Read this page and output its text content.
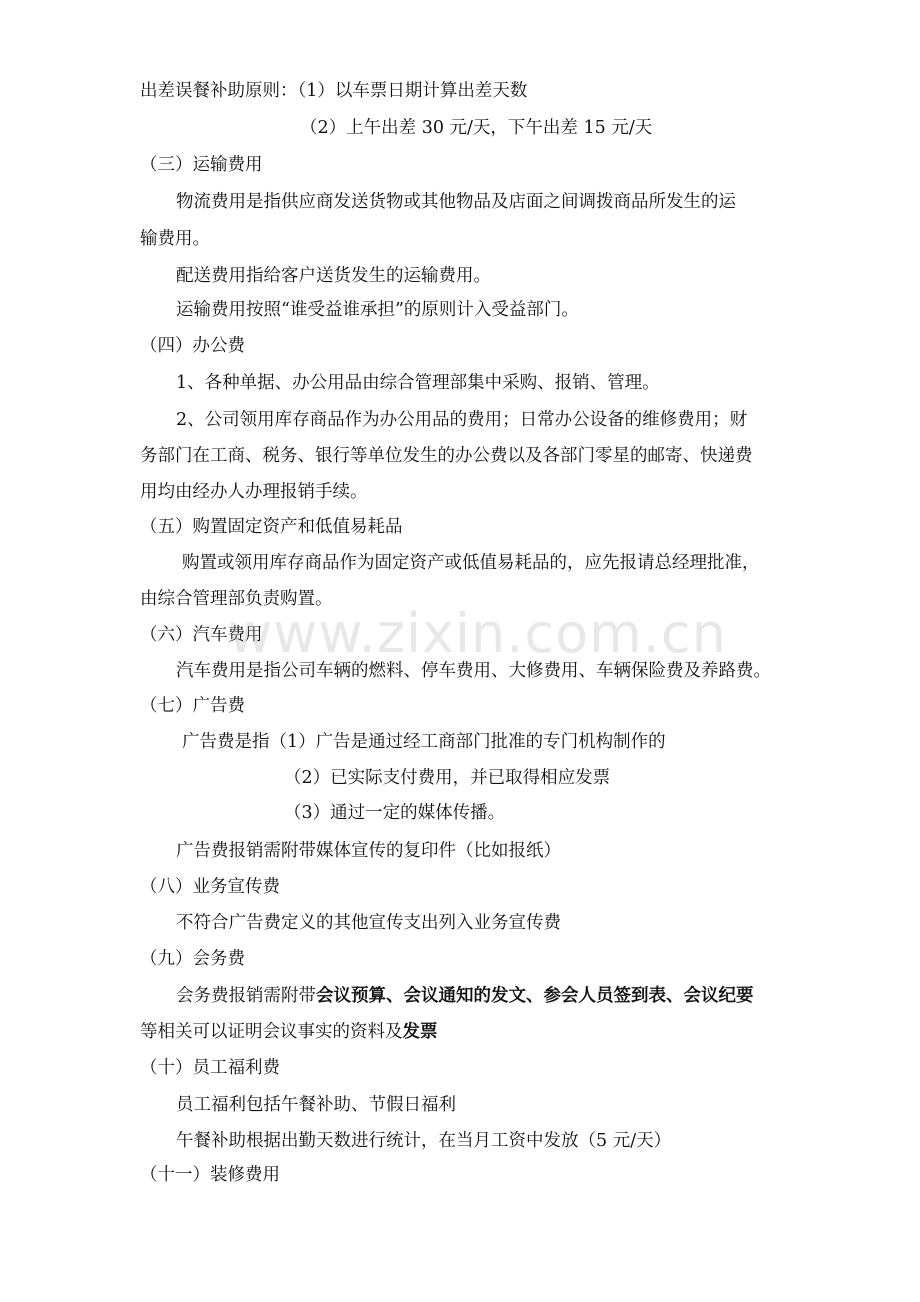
出差误餐补助原则：（1）以车票日期计算出差天数
（2）上午出差 30 元/天，下午出差 15 元/天
（三）运输费用
物流费用是指供应商发送货物或其他物品及店面之间调拨商品所发生的运
输费用。
配送费用指给客户送货发生的运输费用。
运输费用按照“谁受益谁承担”的原则计入受益部门。
（四）办公费
1、各种单据、办公用品由综合管理部集中采购、报销、管理。
2、公司领用库存商品作为办公用品的费用；日常办公设备的维修费用；财
务部门在工商、税务、银行等单位发生的办公费以及各部门零星的邮寄、快递费
用均由经办人办理报销手续。
（五）购置固定资产和低值易耗品
购置或领用库存商品作为固定资产或低值易耗品的，应先报请总经理批准，
由综合管理部负责购置。
（六）汽车费用
汽车费用是指公司车辆的燃料、停车费用、大修费用、车辆保险费及养路费。
（七）广告费
广告费是指（1）广告是通过经工商部门批准的专门机构制作的
（2）已实际支付费用，并已取得相应发票
（3）通过一定的媒体传播。
广告费报销需附带媒体宣传的复印件（比如报纸）
（八）业务宣传费
不符合广告费定义的其他宣传支出列入业务宣传费
（九）会务费
会务费报销需附带会议预算、会议通知的发文、参会人员签到表、会议纪要
等相关可以证明会议事实的资料及发票
（十）员工福利费
员工福利包括午餐补助、节假日福利
午餐补助根据出勤天数进行统计，在当月工资中发放（5 元/天）
（十一）装修费用
www.zixin.com.cn
